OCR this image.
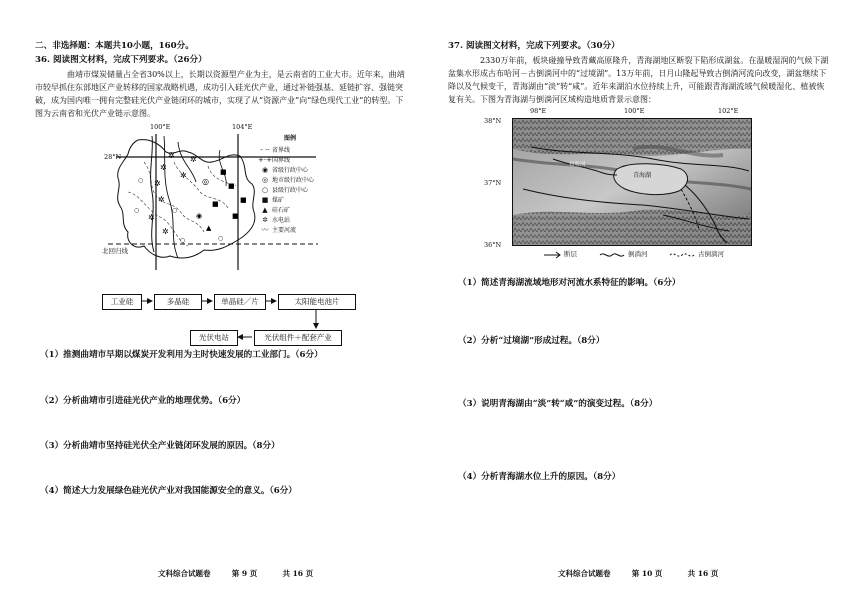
二、非选择题：本题共10小题，160分。
36. 阅读图文材料，完成下列要求。（26分）
曲靖市煤炭储量占全省30%以上，长期以资源型产业为主，是云南省的工业大市。近年来，曲靖市较早抓住东部地区产业转移的国家战略机遇，成功引入硅光伏产业，通过补链强基、延链扩容、强链突破，成为国内唯一拥有完整硅光伏产业链闭环的城市，实现了从“资源产业”向“绿色现代工业”的转型。下图为云南省和光伏产业链示意图。
✲
✲
✲
✲
✲
✲
✲
✲
◎
◉
■
■
■
■
■
▲
○
○
○	○
○
100°E	104°E
28°N
北回归线
图例
- ·- 省界线
+·+国界线
◉ 省级行政中心
◎ 地市级行政中心
○ 县级行政中心
■ 煤矿
▲ 硅石矿
✲ 水电站
〰 主要河流
工业硅	多晶硅	单晶硅／片	太阳能电池片
光伏组件＋配套产业
光伏电站
（1）推测曲靖市早期以煤炭开发利用为主时快速发展的工业部门。（6分）
（2）分析曲靖市引进硅光伏产业的地理优势。（6分）
（3）分析曲靖市坚持硅光伏全产业链闭环发展的原因。（8分）
（4）简述大力发展绿色硅光伏产业对我国能源安全的意义。（6分）
文科综合试题卷	第 9 页	共 16 页
37. 阅读图文材料，完成下列要求。（30分）
2330万年前，板块碰撞导致青藏高原隆升，青海湖地区断裂下陷形成湖盆。在温暖湿润的气候下湖盆集水形成古布哈河－古倒淌河中的“过境湖”。13万年前，日月山隆起导致古倒淌河流向改变，湖盆继续下降以及气候变干，青海湖由“淡”转“咸”。近年来湖泊水位持续上升，可能跟青海湖流域气候暖湿化、植被恢复有关。下图为青海湖与倒淌河区域构造地质背景示意图：
98°E	100°E	102°E
38°N
37°N
36°N
青海湖
布哈河
断层	倒淌河	古倒淌河
（1）简述青海湖流域地形对河流水系特征的影响。（6分）
（2）分析“过境湖”形成过程。（8分）
（3）说明青海湖由“淡”转“咸”的演变过程。（8分）
（4）分析青海湖水位上升的原因。（8分）
文科综合试题卷	第 10 页	共 16 页
